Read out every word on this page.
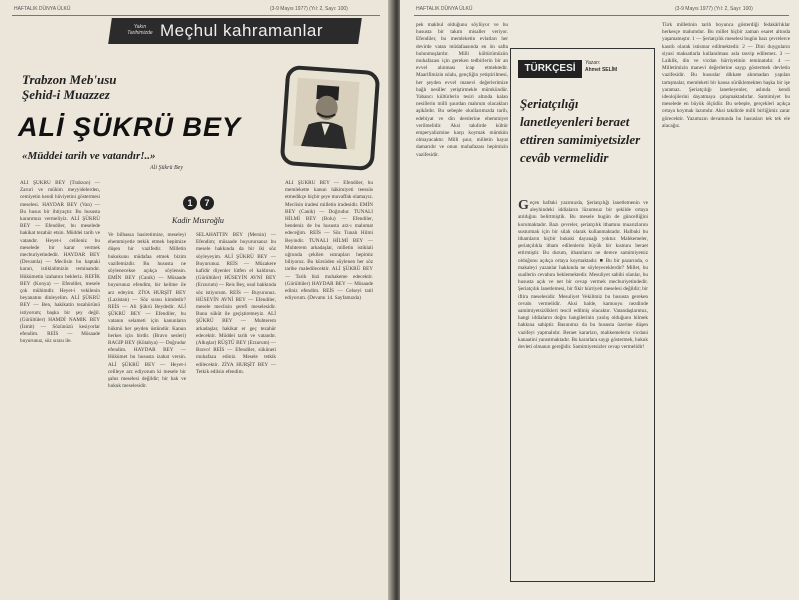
HAFTALIK DÜNYA ÜLKÜ	(3-9 Mayıs 1977) (Yıl: 2, Sayı: 100)
Yakın Tarihimizde Meçhul kahramanlar
Trabzon Meb'usu
Şehid-i Muazzez
ALİ ŞÜKRÜ BEY
«Müddei tarih ve vatandır!..»
Ali Şükrü Bey
1	7
Kadir Mısıroğlu
ALİ ŞÜKRÜ BEY (Trabzon) — Zaruri ve mühim meyyidelerden, cemiyetin kendi hüviyetini göstermesi meselesi. HAYDAR BEY (Van) — Bu husus bir ihtiyaçtır. Bu hususta kararımızı vermeliyiz. ALİ ŞÜKRÜ BEY — Efendiler, bu meselede hakikat tezahür etsin. Müddei tarih ve vatandır. Heyet-i celileniz bu meselede bir karar vermek mecburiyetindedir. HAYDAR BEY (Devamla) — Meclisin bu baptaki kararı, istiklalimizin teminatıdır. Hükümetin izahatını bekleriz. REFİK BEY (Konya) — Efendiler, mesele çok mühimdir. Heyet-i vekilenin beyanatını dinleyelim. ALİ ŞÜKRÜ BEY — Ben, hakikatin tezahürünü istiyorum; başka bir şey değil. (Gürültüler) HAMDİ NAMIK BEY (İzmit) — Sözünüzü kesiyorlar efendim. REİS — Müsaade buyurunuz, söz sırası ile.
Ve bilhassa basiretimize, meseleyi ehemmiyetle tetkik etmek hepimize düşen bir vazifedir. Milletin hukukunu müdafaa etmek bizim vazifemizdir. Bu hususta ne söylenecekse açıkça söylensin. EMİN BEY (Canik) — Müsaade buyurunuz efendim, bir kelime ile arz edeyim. ZİYA HURŞİT BEY (Lazistan) — Söz sırası kimdedir? REİS — Ali Şükrü Beydedir. ALİ ŞÜKRÜ BEY — Efendiler, bu vatanın selameti için kanunların hükmü her şeyden üstündür. Kanun herkes için birdir. (Bravo sesleri) RAGIP BEY (Kütahya) — Doğrudur efendim. HAYDAR BEY — Hükümet bu hususta izahat versin. ALİ ŞÜKRÜ BEY — Heyet-i celileye arz ediyorum ki mesele bir şahıs meselesi değildir; bir hak ve hukuk meselesidir.
SELAHATTİN BEY (Mersin) — Efendim; müsaade buyurursanız bu mesele hakkında da bir iki söz söyleyeyim. ALİ ŞÜKRÜ BEY — Buyurunuz. REİS — Müzakere kafidir diyenler lütfen el kaldırsın. (Gürültüler) HÜSEYİN AVNİ BEY (Erzurum) — Reis Bey, usul hakkında söz istiyorum. REİS — Buyurunuz. HÜSEYİN AVNİ BEY — Efendiler, mesele meclisin şerefi meselesidir. Bunu sükût ile geçiştiremeyiz. ALİ ŞÜKRÜ BEY — Muhterem arkadaşlar, hakikat er geç tezahür edecektir. Müddei tarih ve vatandır. (Alkışlar) RÜŞTÜ BEY (Erzurum) — Bravo! REİS — Efendiler, sükûneti muhafaza ediniz. Mesele tetkik edilecektir. ZİYA HURŞİT BEY — Tetkik edilsin efendim.
ALİ ŞÜKRÜ BEY — Efendiler, bu memlekette kanun hâkimiyeti teessüs etmedikçe hiçbir şeye muvaffak olamayız. Meclisin iradesi milletin iradesidir. EMİN BEY (Canik) — Doğrudur. TUNALI HİLMİ BEY (Bolu) — Efendiler, bendeniz de bu hususta arz-ı malumat edeceğim. REİS — Söz Tunalı Hilmi Beyindir. TUNALI HİLMİ BEY — Muhterem arkadaşlar, milletin istiklali uğrunda çekilen ıstırapları hepimiz biliyoruz. Bu kürsüden söylenen her söz tarihe maledilecektir. ALİ ŞÜKRÜ BEY — Tarih bizi muhakeme edecektir. (Gürültüler) HAYDAR BEY — Müsaade ediniz efendim. REİS — Celseyi tatil ediyorum. (Devamı 14. Sayfamızda)
HAFTALIK DÜNYA ÜLKÜ	(3-9 Mayıs 1977) (Yıl: 2, Sayı: 100)
pek makbul olduğunu söylüyor ve bu hususta bir takım misaller veriyor. Efendiler, bu memleketin evlatları her devirde vatan müdafaasında en ön safta bulunmuşlardır. Milli kültürümüzün muhafazası için gereken tedbirlerin bir an evvel alınması icap etmektedir. Maarifimizin ıslahı, gençliğin yetiştirilmesi, her şeyden evvel manevi değerlerimize bağlı nesiller yetiştirmekle mümkündür. Yabancı kültürlerin tesiri altında kalan nesillerin milli şuurdan mahrum olacakları aşikârdır. Bu sebeple okullarımızda tarih, edebiyat ve din derslerine ehemmiyet verilmelidir. Aksi takdirde kültür emperyalizmine karşı koymak mümkün olmayacaktır. Milli şuur, milletin hayat damarıdır ve onun muhafazası hepimizin vazifesidir.
Türk milletinin tarih boyunca gösterdiği fedakârlıklar herkesçe malumdur. Bu millet hiçbir zaman esaret altında yaşamamıştır. 1 — Şeriatçılık meselesi bugün bazı çevrelerce kasıtlı olarak istismar edilmektedir. 2 — Dini duyguların siyasi maksatlarla kullanılması asla tasvip edilemez. 3 — Laiklik, din ve vicdan hürriyetinin teminatıdır. 4 — Milletimizin manevi değerlerine saygı göstermek devletin vazifesidir. Bu hususlar dikkate alınmadan yapılan tartışmalar, memleketi bir kaosa sürüklemekten başka bir işe yaramaz. Şeriatçılığı lanetleyenler, aslında kendi ideolojilerini dayatmaya çalışmaktadırlar. Samimiyet bu meselede en büyük ölçüdür. Bu sebeple, gerçekleri açıkça ortaya koymak lazımdır. Aksi takdirde milli birliğimiz zarar görecektir. Yazımızın devamında bu hususları tek tek ele alacağız.
TÜRKÇESİ	Yazan:
Ahmet SELİM
Şeriatçılığı lanetleyenleri beraet ettiren samimiyetsizler cevâb vermelidir
Geçen haftaki yazımızda, Şeriatçılığı lanetlemenin ve aleyhindeki iddiaların lüzumsuz bir şekilde ortaya atıldığını belirtmiştik. Bu mesele bugün de güncelliğini korumaktadır. Bazı çevreler, şeriatçılık ithamını muarızlarını susturmak için bir silah olarak kullanmaktadır. Halbuki bu ithamların hiçbir hukuki dayanağı yoktur. Mahkemeler, şeriatçılıkla itham edilenlerin büyük bir kısmını beraet ettirmiştir. Bu durum, ithamların ne derece samimiyetsiz olduğunu açıkça ortaya koymaktadır. ■ Bu bir pazarında, o makaleyi yazanlar hakkında ne söyleyeceklerdir? Millet, bu suallerin cevabını beklemektedir. Mesuliyet sahibi olanlar, bu hususta açık ve net bir cevap vermek mecburiyetindedir. Şeriatçılık lanetlemesi, bir fikir hürriyeti meselesi değildir; bir iftira meselesidir. Mesuliyet Vekilimiz bu hususta gereken cevabı vermelidir. Aksi halde, kamuoyu nezdinde samimiyetsizlikleri tescil edilmiş olacaktır. Vatandaşlarımız, hangi iddiaların doğru hangilerinin yanlış olduğunu bilmek hakkına sahiptir. Basınımız da bu hususta üzerine düşen vazifeyi yapmalıdır. Beraet kararları, mahkemelerin vicdani kanaatini yansıtmaktadır. Bu kararlara saygı göstermek, hukuk devleti olmanın gereğidir. Samimiyetsizler cevap vermelidir!
